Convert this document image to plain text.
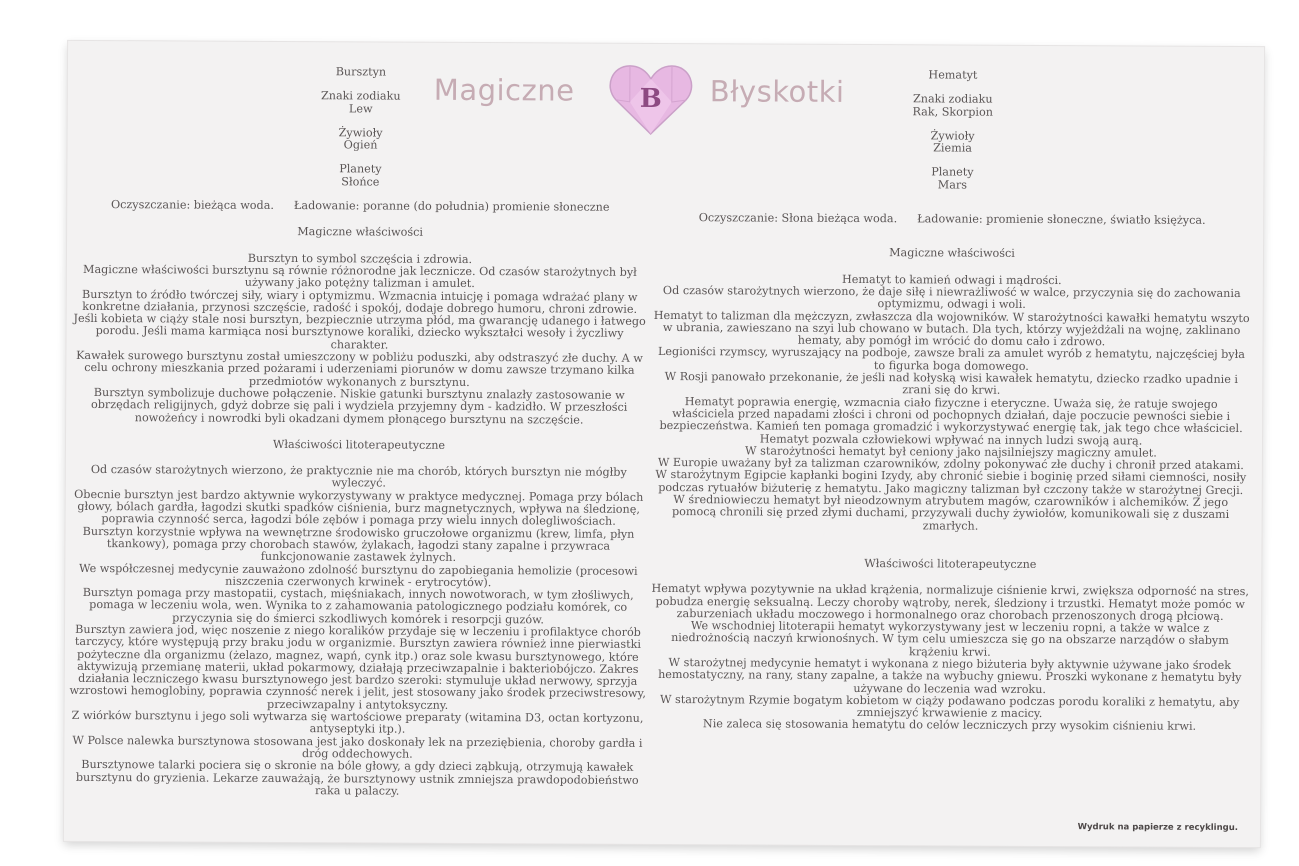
Magiczne	B	Błyskotki

Bursztyn

Znaki zodiaku

Lew

Żywioły

Ogień

Planety

Słońce

Oczyszczanie: bieżąca woda. Ładowanie: poranne (do południa) promienie słoneczne

Magiczne właściwości

Bursztyn to symbol szczęścia i zdrowia.

Magiczne właściwości bursztynu są równie różnorodne jak lecznicze. Od czasów starożytnych był używany jako potężny talizman i amulet.

Bursztyn to źródło twórczej siły, wiary i optymizmu. Wzmacnia intuicję i pomaga wdrażać plany w konkretne działania, przynosi szczęście, radość i spokój, dodaje dobrego humoru, chroni zdrowie.

Jeśli kobieta w ciąży stale nosi bursztyn, bezpiecznie utrzyma płód, ma gwarancję udanego i łatwego porodu. Jeśli mama karmiąca nosi bursztynowe koraliki, dziecko wykształci wesoły i życzliwy charakter.

Kawałek surowego bursztynu został umieszczony w pobliżu poduszki, aby odstraszyć złe duchy. A w celu ochrony mieszkania przed pożarami i uderzeniami piorunów w domu zawsze trzymano kilka przedmiotów wykonanych z bursztynu.

Bursztyn symbolizuje duchowe połączenie. Niskie gatunki bursztynu znalazły zastosowanie w obrzędach religijnych, gdyż dobrze się pali i wydziela przyjemny dym - kadzidło. W przeszłości nowożeńcy i nowrodki byli okadzani dymem płonącego bursztynu na szczęście.

Właściwości litoterapeutyczne

Od czasów starożytnych wierzono, że praktycznie nie ma chorób, których bursztyn nie mógłby wyleczyć.

Obecnie bursztyn jest bardzo aktywnie wykorzystywany w praktyce medycznej. Pomaga przy bólach głowy, bólach gardła, łagodzi skutki spadków ciśnienia, burz magnetycznych, wpływa na śledzionę, poprawia czynność serca, łagodzi bóle zębów i pomaga przy wielu innych dolegliwościach.

Bursztyn korzystnie wpływa na wewnętrzne środowisko gruczołowe organizmu (krew, limfa, płyn tkankowy), pomaga przy chorobach stawów, żylakach, łagodzi stany zapalne i przywraca funkcjonowanie zastawek żylnych.

We współczesnej medycynie zauważono zdolność bursztynu do zapobiegania hemolizie (procesowi niszczenia czerwonych krwinek - erytrocytów).

Bursztyn pomaga przy mastopatii, cystach, mięśniakach, innych nowotworach, w tym złośliwych, pomaga w leczeniu wola, wen. Wynika to z zahamowania patologicznego podziału komórek, co przyczynia się do śmierci szkodliwych komórek i resorpcji guzów.

Bursztyn zawiera jod, więc noszenie z niego koralików przydaje się w leczeniu i profilaktyce chorób tarczycy, które występują przy braku jodu w organizmie. Bursztyn zawiera również inne pierwiastki pożyteczne dla organizmu (żelazo, magnez, wapń, cynk itp.) oraz sole kwasu bursztynowego, które aktywizują przemianę materii, układ pokarmowy, działają przeciwzapalnie i bakteriobójczo. Zakres działania leczniczego kwasu bursztynowego jest bardzo szeroki: stymuluje układ nerwowy, sprzyja wzrostowi hemoglobiny, poprawia czynność nerek i jelit, jest stosowany jako środek przeciwstresowy, przeciwzapalny i antytoksyczny.

Z wiórków bursztynu i jego soli wytwarza się wartościowe preparaty (witamina D3, octan kortyzonu, antyseptyki itp.).

W Polsce nalewka bursztynowa stosowana jest jako doskonały lek na przeziębienia, choroby gardła i dróg oddechowych.

Bursztynowe talarki pociera się o skronie na bóle głowy, a gdy dzieci ząbkują, otrzymują kawałek bursztynu do gryzienia. Lekarze zauważają, że bursztynowy ustnik zmniejsza prawdopodobieństwo raka u palaczy.

Hematyt

Znaki zodiaku

Rak, Skorpion

Żywioły

Ziemia

Planety

Mars

Oczyszczanie: Słona bieżąca woda. Ładowanie: promienie słoneczne, światło księżyca.

Magiczne właściwości

Hematyt to kamień odwagi i mądrości.

Od czasów starożytnych wierzono, że daje siłę i niewrażliwość w walce, przyczynia się do zachowania optymizmu, odwagi i woli.

Hematyt to talizman dla mężczyzn, zwłaszcza dla wojowników. W starożytności kawałki hematytu wszyto w ubrania, zawieszano na szyi lub chowano w butach. Dla tych, którzy wyjeżdżali na wojnę, zaklinano hematy, aby pomógł im wrócić do domu cało i zdrowo.

Legioniści rzymscy, wyruszający na podboje, zawsze brali za amulet wyrób z hematytu, najczęściej była to figurka boga domowego.

W Rosji panowało przekonanie, że jeśli nad kołyską wisi kawałek hematytu, dziecko rzadko upadnie i zrani się do krwi.

Hematyt poprawia energię, wzmacnia ciało fizyczne i eteryczne. Uważa się, że ratuje swojego właściciela przed napadami złości i chroni od pochopnych działań, daje poczucie pewności siebie i bezpieczeństwa. Kamień ten pomaga gromadzić i wykorzystywać energię tak, jak tego chce właściciel. Hematyt pozwala człowiekowi wpływać na innych ludzi swoją aurą.

W starożytności hematyt był ceniony jako najsilniejszy magiczny amulet.

W Europie uważany był za talizman czarowników, zdolny pokonywać złe duchy i chronił przed atakami.

W starożytnym Egipcie kapłanki bogini Izydy, aby chronić siebie i boginię przed siłami ciemności, nosiły podczas rytuałów biżuterię z hematytu. Jako magiczny talizman był czczony także w starożytnej Grecji.

W średniowieczu hematyt był nieodzownym atrybutem magów, czarowników i alchemików. Z jego pomocą chronili się przed złymi duchami, przyzywali duchy żywiołów, komunikowali się z duszami zmarłych.

Właściwości litoterapeutyczne

Hematyt wpływa pozytywnie na układ krążenia, normalizuje ciśnienie krwi, zwiększa odporność na stres, pobudza energię seksualną. Leczy choroby wątroby, nerek, śledziony i trzustki. Hematyt może pomóc w zaburzeniach układu moczowego i hormonalnego oraz chorobach przenoszonych drogą płciową.

We wschodniej litoterapii hematyt wykorzystywany jest w leczeniu ropni, a także w walce z niedrożnością naczyń krwionośnych. W tym celu umieszcza się go na obszarze narządów o słabym krążeniu krwi.

W starożytnej medycynie hematyt i wykonana z niego biżuteria były aktywnie używane jako środek hemostatyczny, na rany, stany zapalne, a także na wybuchy gniewu. Proszki wykonane z hematytu były używane do leczenia wad wzroku.

W starożytnym Rzymie bogatym kobietom w ciąży podawano podczas porodu koraliki z hematytu, aby zmniejszyć krwawienie z macicy.

Nie zaleca się stosowania hematytu do celów leczniczych przy wysokim ciśnieniu krwi.

Wydruk na papierze z recyklingu.
